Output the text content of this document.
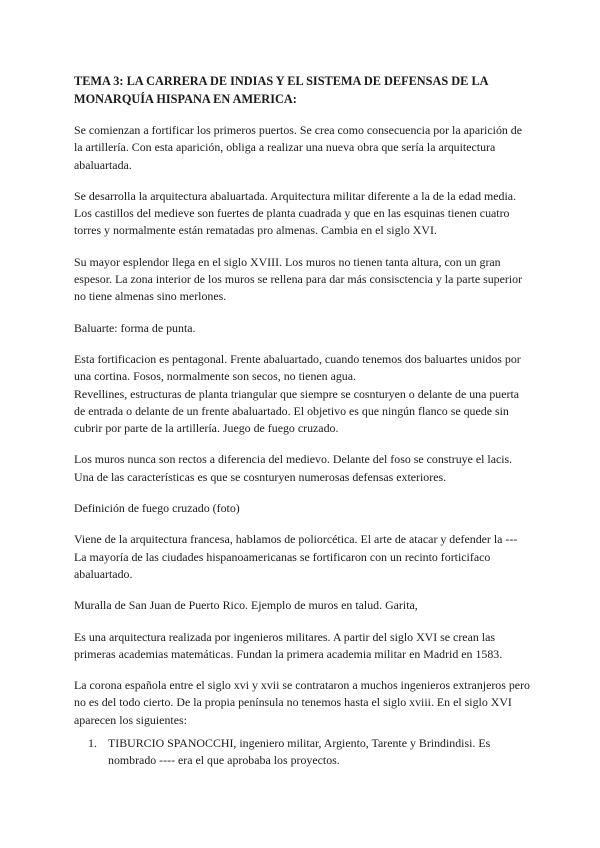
TEMA 3: LA CARRERA DE INDIAS Y EL SISTEMA DE DEFENSAS DE LA MONARQUÍA HISPANA EN AMERICA:

Se comienzan a fortificar los primeros puertos. Se crea como consecuencia por la aparición de la artillería. Con esta aparición, obliga a realizar una nueva obra que sería la arquitectura abaluartada.

Se desarrolla la arquitectura abaluartada. Arquitectura militar diferente a la de la edad media. Los castillos del medieve son fuertes de planta cuadrada y que en las esquinas tienen cuatro torres y normalmente están rematadas pro almenas. Cambia en el siglo XVI.

Su mayor esplendor llega en el siglo XVIII. Los muros no tienen tanta altura, con un gran espesor. La zona interior de los muros se rellena para dar más consisctencia y la parte superior no tiene almenas sino merlones.

Baluarte: forma de punta.

Esta fortificacion es pentagonal. Frente abaluartado, cuando tenemos dos baluartes unidos por una cortina. Fosos, normalmente son secos, no tienen agua.

Revellines, estructuras de planta triangular que siempre se cosnturyen o delante de una puerta de entrada o delante de un frente abaluartado. El objetivo es que ningún flanco se quede sin cubrir por parte de la artillería. Juego de fuego cruzado.

Los muros nunca son rectos a diferencia del medievo. Delante del foso se construye el lacis. Una de las características es que se cosnturyen numerosas defensas exteriores.

Definición de fuego cruzado (foto)

Viene de la arquitectura francesa, hablamos de poliorcética. El arte de atacar y defender la --- La mayoría de las ciudades hispanoamericanas se fortificaron con un recinto forticifaco abaluartado.

Muralla de San Juan de Puerto Rico. Ejemplo de muros en talud. Garita,

Es una arquitectura realizada por ingenieros militares. A partir del siglo XVI se crean las primeras academias matemáticas. Fundan la primera academia militar en Madrid en 1583.

La corona española entre el siglo xvi y xvii se contrataron a muchos ingenieros extranjeros pero no es del todo cierto. De la propia península no tenemos hasta el siglo xviii. En el siglo XVI aparecen los siguientes:

1. TIBURCIO SPANOCCHI, ingeniero militar, Argiento, Tarente y Brindindisi. Es nombrado ---- era el que aprobaba los proyectos.
